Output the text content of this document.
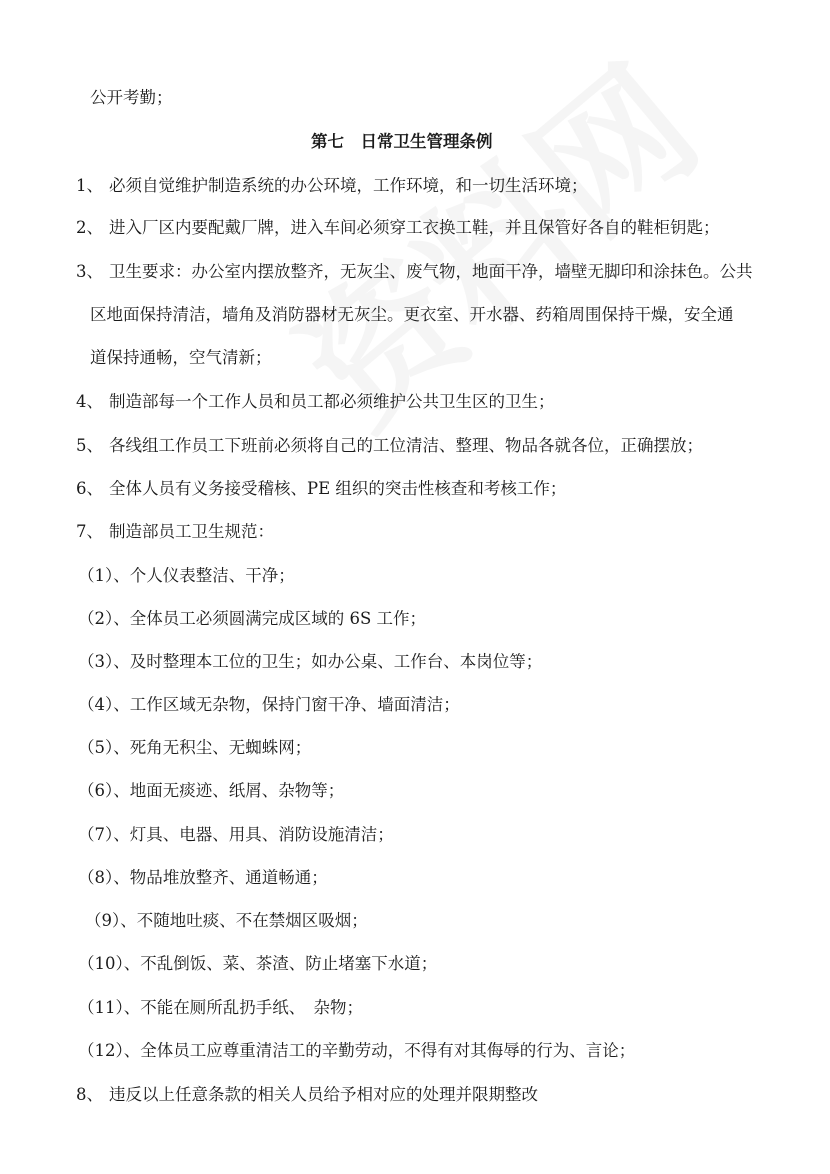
公开考勤；
第七　日常卫生管理条例
1、 必须自觉维护制造系统的办公环境，工作环境，和一切生活环境；
2、 进入厂区内要配戴厂牌，进入车间必须穿工衣换工鞋，并且保管好各自的鞋柜钥匙；
3、 卫生要求：办公室内摆放整齐，无灰尘、废气物，地面干净，墙壁无脚印和涂抹色。公共
区地面保持清洁，墙角及消防器材无灰尘。更衣室、开水器、药箱周围保持干燥，安全通
道保持通畅，空气清新；
4、 制造部每一个工作人员和员工都必须维护公共卫生区的卫生；
5、 各线组工作员工下班前必须将自己的工位清洁、整理、物品各就各位，正确摆放；
6、 全体人员有义务接受稽核、PE 组织的突击性核查和考核工作；
7、 制造部员工卫生规范：
（1）、个人仪表整洁、干净；
（2）、全体员工必须圆满完成区域的 6S 工作；
（3）、及时整理本工位的卫生；如办公桌、工作台、本岗位等；
（4）、工作区域无杂物，保持门窗干净、墙面清洁；
（5）、死角无积尘、无蜘蛛网；
（6）、地面无痰迹、纸屑、杂物等；
（7）、灯具、电器、用具、消防设施清洁；
（8）、物品堆放整齐、通道畅通；
（9）、不随地吐痰、不在禁烟区吸烟；
（10）、不乱倒饭、菜、茶渣、防止堵塞下水道；
（11）、不能在厕所乱扔手纸、　杂物；
（12）、全体员工应尊重清洁工的辛勤劳动，不得有对其侮辱的行为、言论；
8、 违反以上任意条款的相关人员给予相对应的处理并限期整改
